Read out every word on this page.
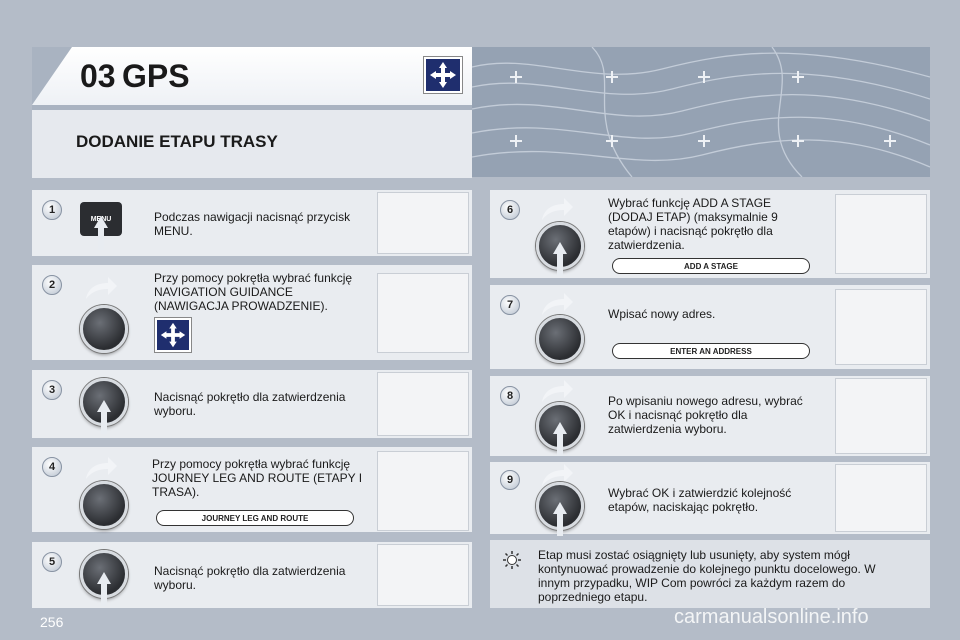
03 GPS
DODANIE ETAPU TRASY
1
MENU	Podczas nawigacji nacisnąć przycisk MENU.
2	Przy pomocy pokrętła wybrać funkcję NAVIGATION GUIDANCE (NAWIGACJA PROWADZENIE).
3	Nacisnąć pokrętło dla zatwierdzenia wyboru.
4	Przy pomocy pokrętła wybrać funkcję JOURNEY LEG AND ROUTE (ETAPY I TRASA).
JOURNEY LEG AND ROUTE
5
Nacisnąć pokrętło dla zatwierdzenia wyboru.
6	Wybrać funkcję ADD A STAGE (DODAJ ETAP) (maksymalnie 9 etapów) i nacisnąć pokrętło dla zatwierdzenia.
ADD A STAGE
7
Wpisać nowy adres.
ENTER AN ADDRESS
8	Po wpisaniu nowego adresu, wybrać OK i nacisnąć pokrętło dla zatwierdzenia wyboru.
9
Wybrać OK i zatwierdzić kolejność etapów, naciskając pokrętło.
Etap musi zostać osiągnięty lub usunięty, aby system mógł kontynuować prowadzenie do kolejnego punktu docelowego. W innym przypadku, WIP Com powróci za każdym razem do poprzedniego etapu.
256	carmanualsonline.info
